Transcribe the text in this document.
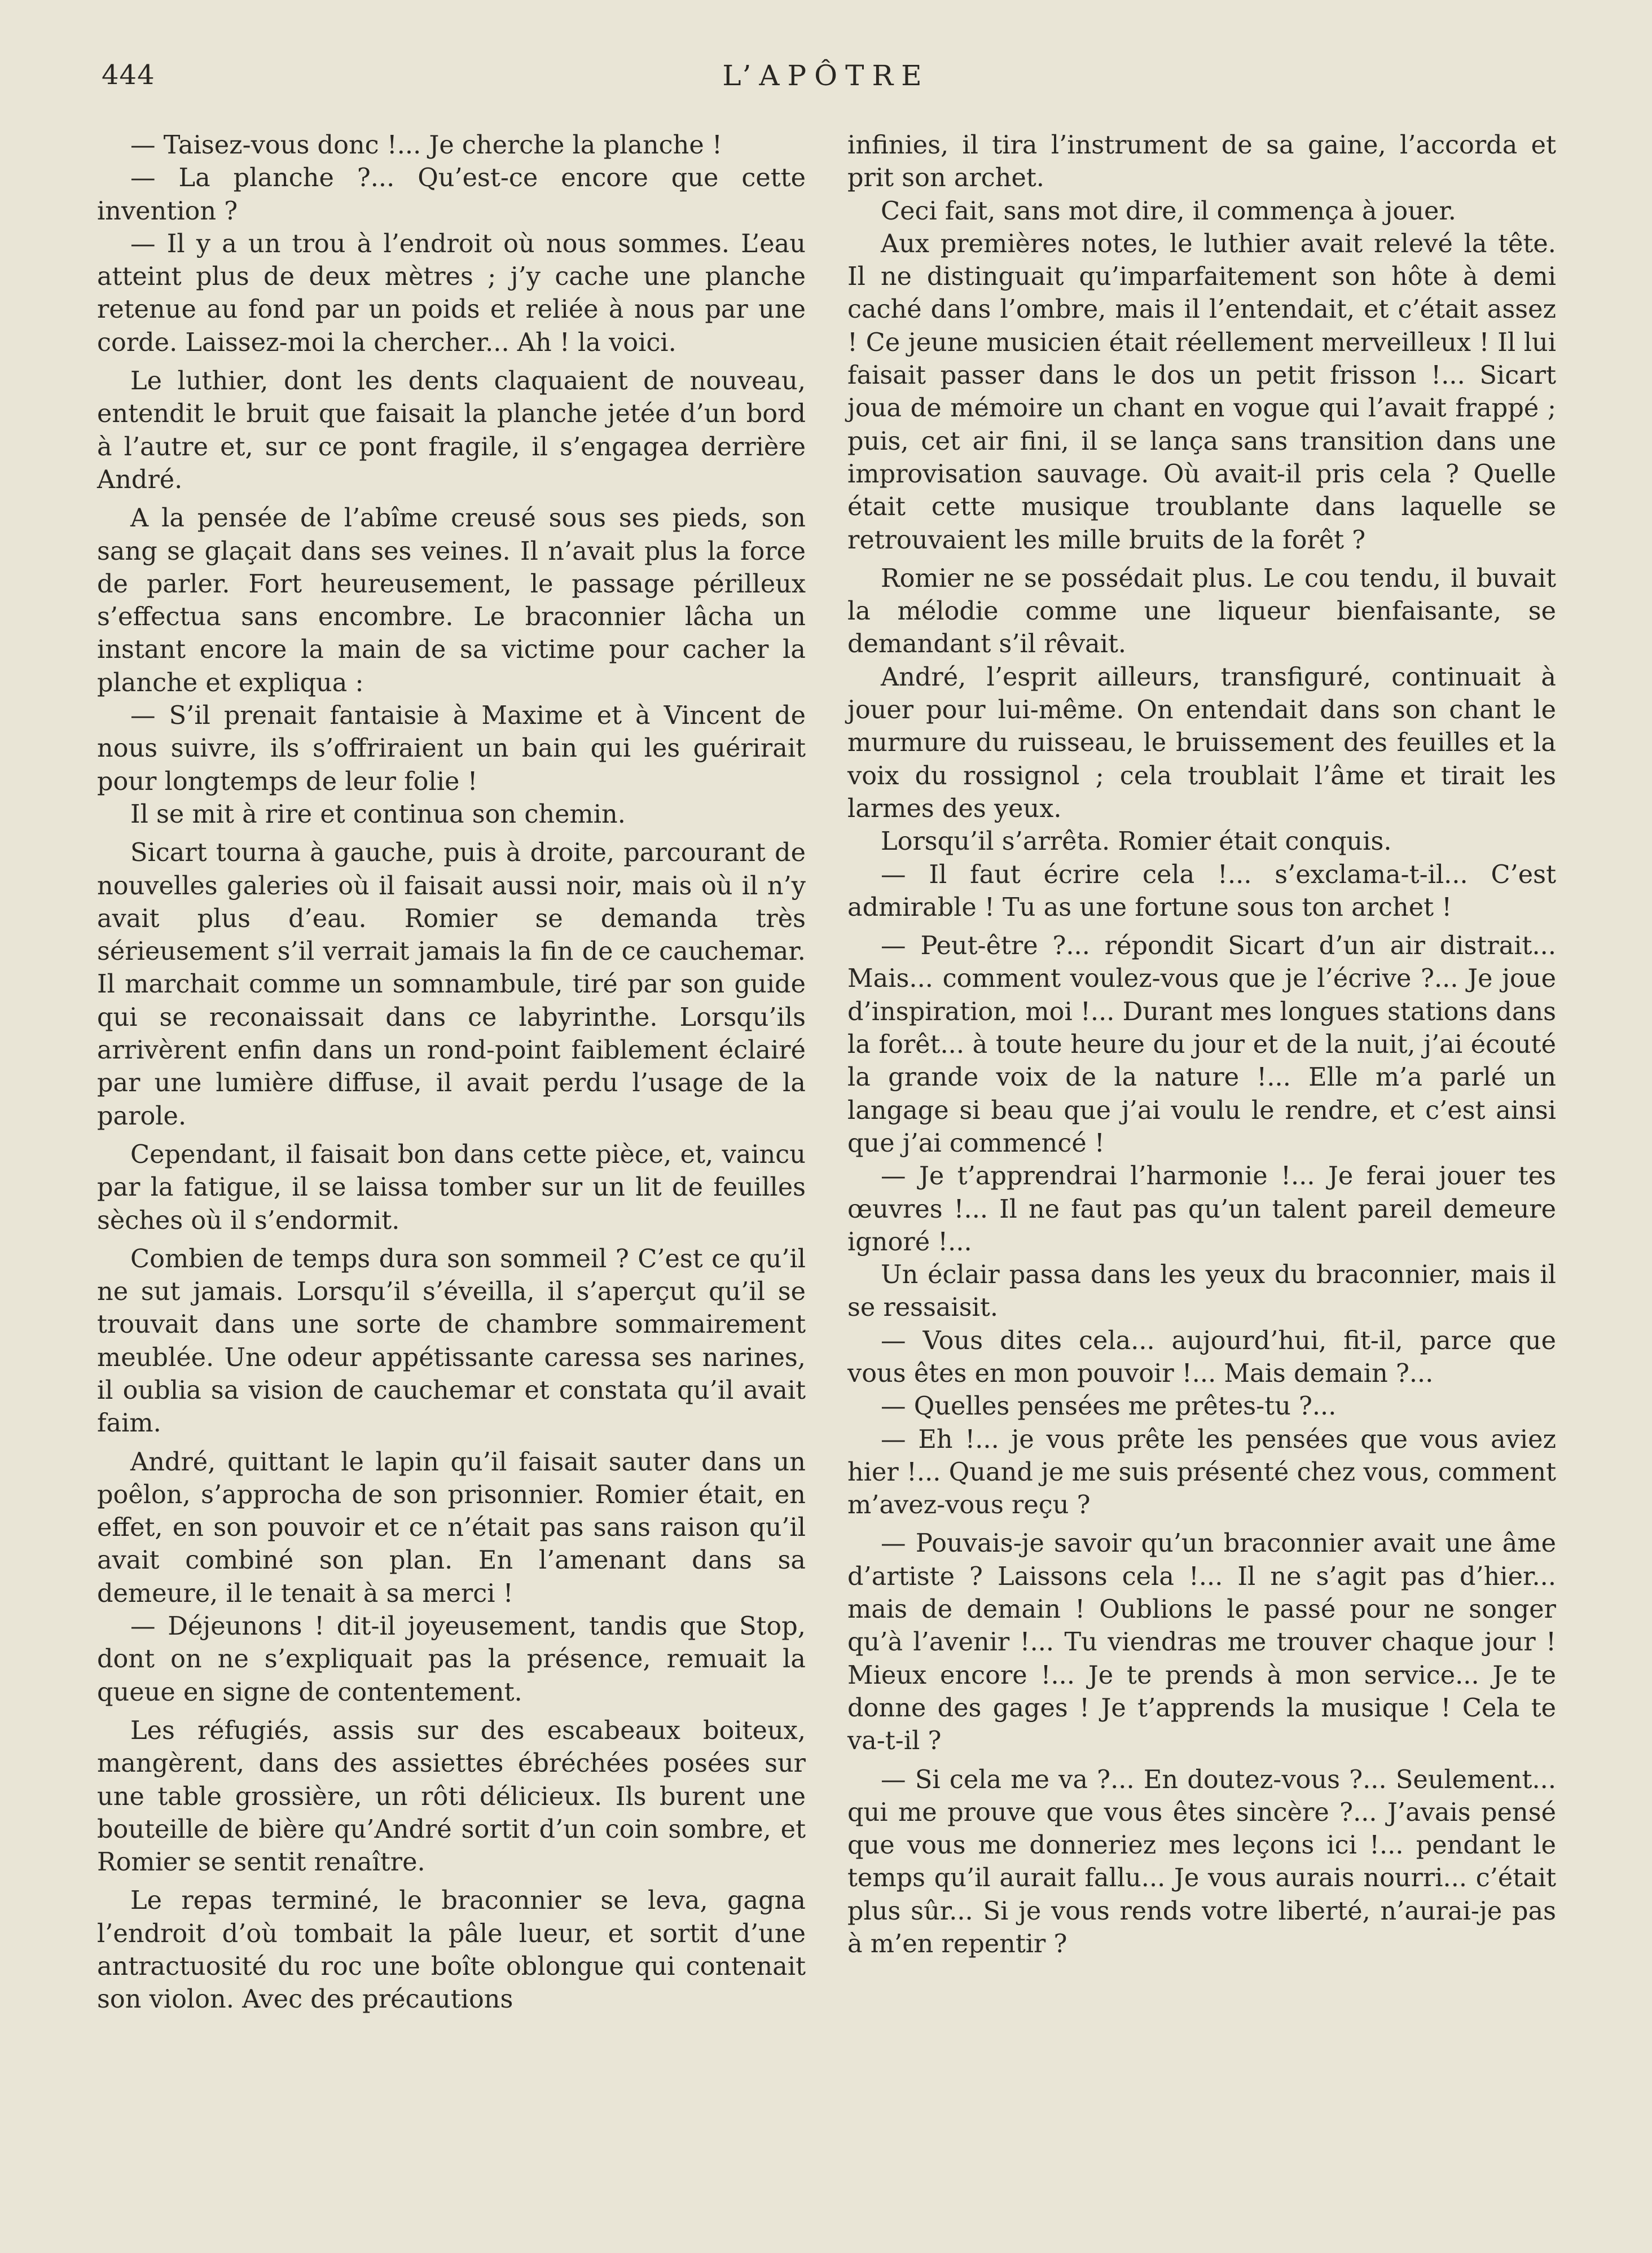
444	L’APÔTRE

— Taisez-vous donc !... Je cherche la planche !

— La planche ?... Qu’est-ce encore que cette invention ?

— Il y a un trou à l’endroit où nous sommes. L’eau atteint plus de deux mètres ; j’y cache une planche retenue au fond par un poids et reliée à nous par une corde. Laissez-moi la chercher... Ah ! la voici.

Le luthier, dont les dents claquaient de nouveau, entendit le bruit que faisait la planche jetée d’un bord à l’autre et, sur ce pont fragile, il s’engagea derrière André.

A la pensée de l’abîme creusé sous ses pieds, son sang se glaçait dans ses veines. Il n’avait plus la force de parler. Fort heureusement, le passage périlleux s’effectua sans encombre. Le braconnier lâcha un instant encore la main de sa victime pour cacher la planche et expliqua :

— S’il prenait fantaisie à Maxime et à Vincent de nous suivre, ils s’offriraient un bain qui les guérirait pour longtemps de leur folie !

Il se mit à rire et continua son chemin.

Sicart tourna à gauche, puis à droite, parcourant de nouvelles galeries où il faisait aussi noir, mais où il n’y avait plus d’eau. Romier se demanda très sérieusement s’il verrait jamais la fin de ce cauchemar. Il marchait comme un somnambule, tiré par son guide qui se reconaissait dans ce labyrinthe. Lorsqu’ils arrivèrent enfin dans un rond-point faiblement éclairé par une lumière diffuse, il avait perdu l’usage de la parole.

Cependant, il faisait bon dans cette pièce, et, vaincu par la fatigue, il se laissa tomber sur un lit de feuilles sèches où il s’endormit.

Combien de temps dura son sommeil ? C’est ce qu’il ne sut jamais. Lorsqu’il s’éveilla, il s’aperçut qu’il se trouvait dans une sorte de chambre sommairement meublée. Une odeur appétissante caressa ses narines, il oublia sa vision de cauchemar et constata qu’il avait faim.

André, quittant le lapin qu’il faisait sauter dans un poêlon, s’approcha de son prisonnier. Romier était, en effet, en son pouvoir et ce n’était pas sans raison qu’il avait combiné son plan. En l’amenant dans sa demeure, il le tenait à sa merci !

— Déjeunons ! dit-il joyeusement, tandis que Stop, dont on ne s’expliquait pas la présence, remuait la queue en signe de contentement.

Les réfugiés, assis sur des escabeaux boiteux, mangèrent, dans des assiettes ébréchées posées sur une table grossière, un rôti délicieux. Ils burent une bouteille de bière qu’André sortit d’un coin sombre, et Romier se sentit renaître.

Le repas terminé, le braconnier se leva, gagna l’endroit d’où tombait la pâle lueur, et sortit d’une antractuosité du roc une boîte oblongue qui contenait son violon. Avec des précautions

infinies, il tira l’instrument de sa gaine, l’accorda et prit son archet.

Ceci fait, sans mot dire, il commença à jouer.

Aux premières notes, le luthier avait relevé la tête. Il ne distinguait qu’imparfaitement son hôte à demi caché dans l’ombre, mais il l’entendait, et c’était assez ! Ce jeune musicien était réellement merveilleux ! Il lui faisait passer dans le dos un petit frisson !... Sicart joua de mémoire un chant en vogue qui l’avait frappé ; puis, cet air fini, il se lança sans transition dans une improvisation sauvage. Où avait-il pris cela ? Quelle était cette musique troublante dans laquelle se retrouvaient les mille bruits de la forêt ?

Romier ne se possédait plus. Le cou tendu, il buvait la mélodie comme une liqueur bienfaisante, se demandant s’il rêvait.

André, l’esprit ailleurs, transfiguré, continuait à jouer pour lui-même. On entendait dans son chant le murmure du ruisseau, le bruissement des feuilles et la voix du rossignol ; cela troublait l’âme et tirait les larmes des yeux.

Lorsqu’il s’arrêta. Romier était conquis.

— Il faut écrire cela !... s’exclama-t-il... C’est admirable ! Tu as une fortune sous ton archet !

— Peut-être ?... répondit Sicart d’un air distrait... Mais... comment voulez-vous que je l’écrive ?... Je joue d’inspiration, moi !... Durant mes longues stations dans la forêt... à toute heure du jour et de la nuit, j’ai écouté la grande voix de la nature !... Elle m’a parlé un langage si beau que j’ai voulu le rendre, et c’est ainsi que j’ai commencé !

— Je t’apprendrai l’harmonie !... Je ferai jouer tes œuvres !... Il ne faut pas qu’un talent pareil demeure ignoré !...

Un éclair passa dans les yeux du braconnier, mais il se ressaisit.

— Vous dites cela... aujourd’hui, fit-il, parce que vous êtes en mon pouvoir !... Mais demain ?...

— Quelles pensées me prêtes-tu ?...

— Eh !... je vous prête les pensées que vous aviez hier !... Quand je me suis présenté chez vous, comment m’avez-vous reçu ?

— Pouvais-je savoir qu’un braconnier avait une âme d’artiste ? Laissons cela !... Il ne s’agit pas d’hier... mais de demain ! Oublions le passé pour ne songer qu’à l’avenir !... Tu viendras me trouver chaque jour ! Mieux encore !... Je te prends à mon service... Je te donne des gages ! Je t’apprends la musique ! Cela te va-t-il ?

— Si cela me va ?... En doutez-vous ?... Seulement... qui me prouve que vous êtes sincère ?... J’avais pensé que vous me donneriez mes leçons ici !... pendant le temps qu’il aurait fallu... Je vous aurais nourri... c’était plus sûr... Si je vous rends votre liberté, n’aurai-je pas à m’en repentir ?
